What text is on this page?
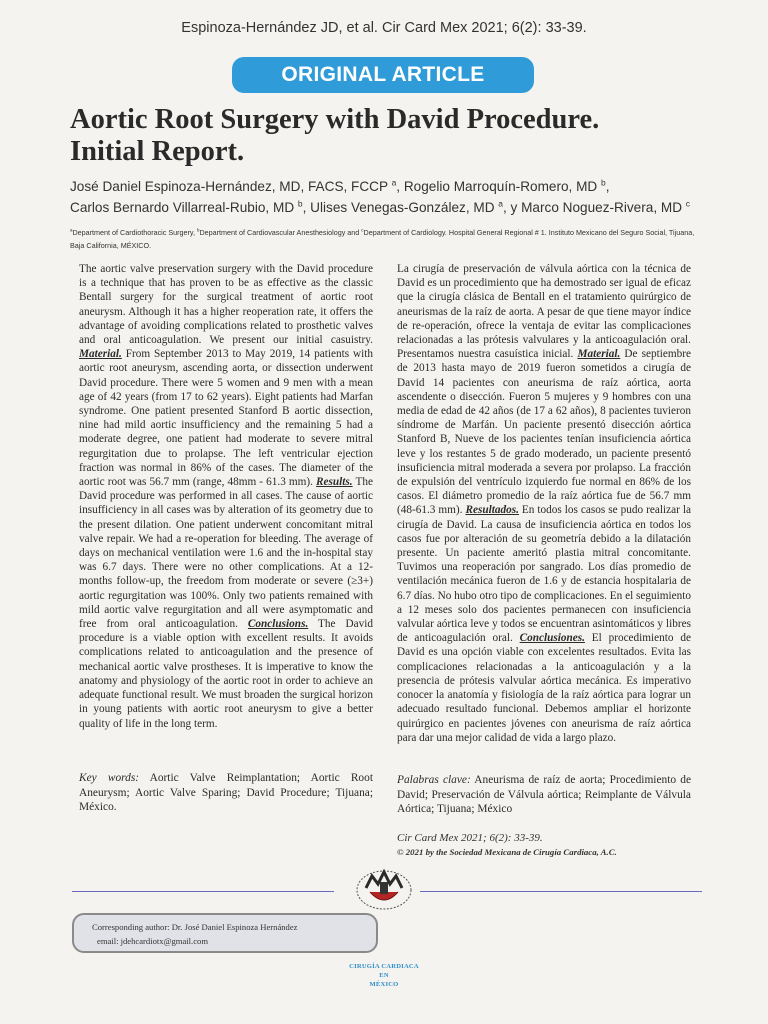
Espinoza-Hernández JD, et al. Cir Card Mex 2021; 6(2): 33-39.
ORIGINAL ARTICLE
Aortic Root Surgery with David Procedure.
Initial Report.
José Daniel Espinoza-Hernández, MD, FACS, FCCP $^a$, Rogelio Marroquín-Romero, MD $^b$,
Carlos Bernardo Villarreal-Rubio, MD $^b$, Ulises Venegas-González, MD $^a$, y Marco Noguez-Rivera, MD $^c$
$^a$Department of Cardiothoracic Surgery, $^b$Department of Cardiovascular Anesthesiology and $^c$Department of Cardiology. Hospital General Regional # 1. Instituto Mexicano del Seguro Social, Tijuana, Baja California, MÉXICO.

The aortic valve preservation surgery with the David procedure is a technique that has proven to be as effective as the classic Bentall surgery for the surgical treatment of aortic root aneurysm. Although it has a higher reoperation rate, it offers the advantage of avoiding complications related to prosthetic valves and oral anticoagulation. We present our initial casuistry. Material. From September 2013 to May 2019, 14 patients with aortic root aneurysm, ascending aorta, or dissection underwent David procedure. There were 5 women and 9 men with a mean age of 42 years (from 17 to 62 years). Eight patients had Marfan syndrome. One patient presented Stanford B aortic dissection, nine had mild aortic insufficiency and the remaining 5 had a moderate degree, one patient had moderate to severe mitral regurgitation due to prolapse. The left ventricular ejection fraction was normal in 86% of the cases. The diameter of the aortic root was 56.7 mm (range, 48mm - 61.3 mm). Results. The David procedure was performed in all cases. The cause of aortic insufficiency in all cases was by alteration of its geometry due to the present dilation. One patient underwent concomitant mitral valve repair. We had a re-operation for bleeding. The average of days on mechanical ventilation were 1.6 and the in-hospital stay was 6.7 days. There were no other complications. At a 12-months follow-up, the freedom from moderate or severe (≥3+) aortic regurgitation was 100%. Only two patients remained with mild aortic valve regurgitation and all were asymptomatic and free from oral anticoagulation. Conclusions. The David procedure is a viable option with excellent results. It avoids complications related to anticoagulation and the presence of mechanical aortic valve prostheses. It is imperative to know the anatomy and physiology of the aortic root in order to achieve an adequate functional result. We must broaden the surgical horizon in young patients with aortic root aneurysm to give a better quality of life in the long term.

La cirugía de preservación de válvula aórtica con la técnica de David es un procedimiento que ha demostrado ser igual de eficaz que la cirugía clásica de Bentall en el tratamiento quirúrgico de aneurismas de la raíz de aorta. A pesar de que tiene mayor índice de re-operación, ofrece la ventaja de evitar las complicaciones relacionadas a las prótesis valvulares y la anticoagulación oral. Presentamos nuestra casuística inicial. Material. De septiembre de 2013 hasta mayo de 2019 fueron sometidos a cirugía de David 14 pacientes con aneurisma de raíz aórtica, aorta ascendente o disección. Fueron 5 mujeres y 9 hombres con una media de edad de 42 años (de 17 a 62 años), 8 pacientes tuvieron síndrome de Marfán. Un paciente presentó disección aórtica Stanford B, Nueve de los pacientes tenían insuficiencia aórtica leve y los restantes 5 de grado moderado, un paciente presentó insuficiencia mitral moderada a severa por prolapso. La fracción de expulsión del ventrículo izquierdo fue normal en 86% de los casos. El diámetro promedio de la raíz aórtica fue de 56.7 mm (48-61.3 mm). Resultados. En todos los casos se pudo realizar la cirugía de David. La causa de insuficiencia aórtica en todos los casos fue por alteración de su geometría debido a la dilatación presente. Un paciente ameritó plastia mitral concomitante. Tuvimos una reoperación por sangrado. Los días promedio de ventilación mecánica fueron de 1.6 y de estancia hospitalaria de 6.7 días. No hubo otro tipo de complicaciones. En el seguimiento a 12 meses solo dos pacientes permanecen con insuficiencia valvular aórtica leve y todos se encuentran asintomáticos y libres de anticoagulación oral. Conclusiones. El procedimiento de David es una opción viable con excelentes resultados. Evita las complicaciones relacionadas a la anticoagulación y a la presencia de prótesis valvular aórtica mecánica. Es imperativo conocer la anatomía y fisiología de la raíz aórtica para lograr un adecuado resultado funcional. Debemos ampliar el horizonte quirúrgico en pacientes jóvenes con aneurisma de raíz aórtica para dar una mejor calidad de vida a largo plazo.

Key words: Aortic Valve Reimplantation; Aortic Root Aneurysm; Aortic Valve Sparing; David Procedure; Tijuana; México.

Palabras clave: Aneurisma de raíz de aorta; Procedimiento de David; Preservación de Válvula aórtica; Reimplante de Válvula Aórtica; Tijuana; México

Cir Card Mex 2021; 6(2): 33-39.
© 2021 by the Sociedad Mexicana de Cirugía Cardiaca, A.C.
Corresponding author: Dr. José Daniel Espinoza Hernández
email: jdehcardiotx@gmail.com
CIRUGÍA CARDIACA
EN
MÉXICO
